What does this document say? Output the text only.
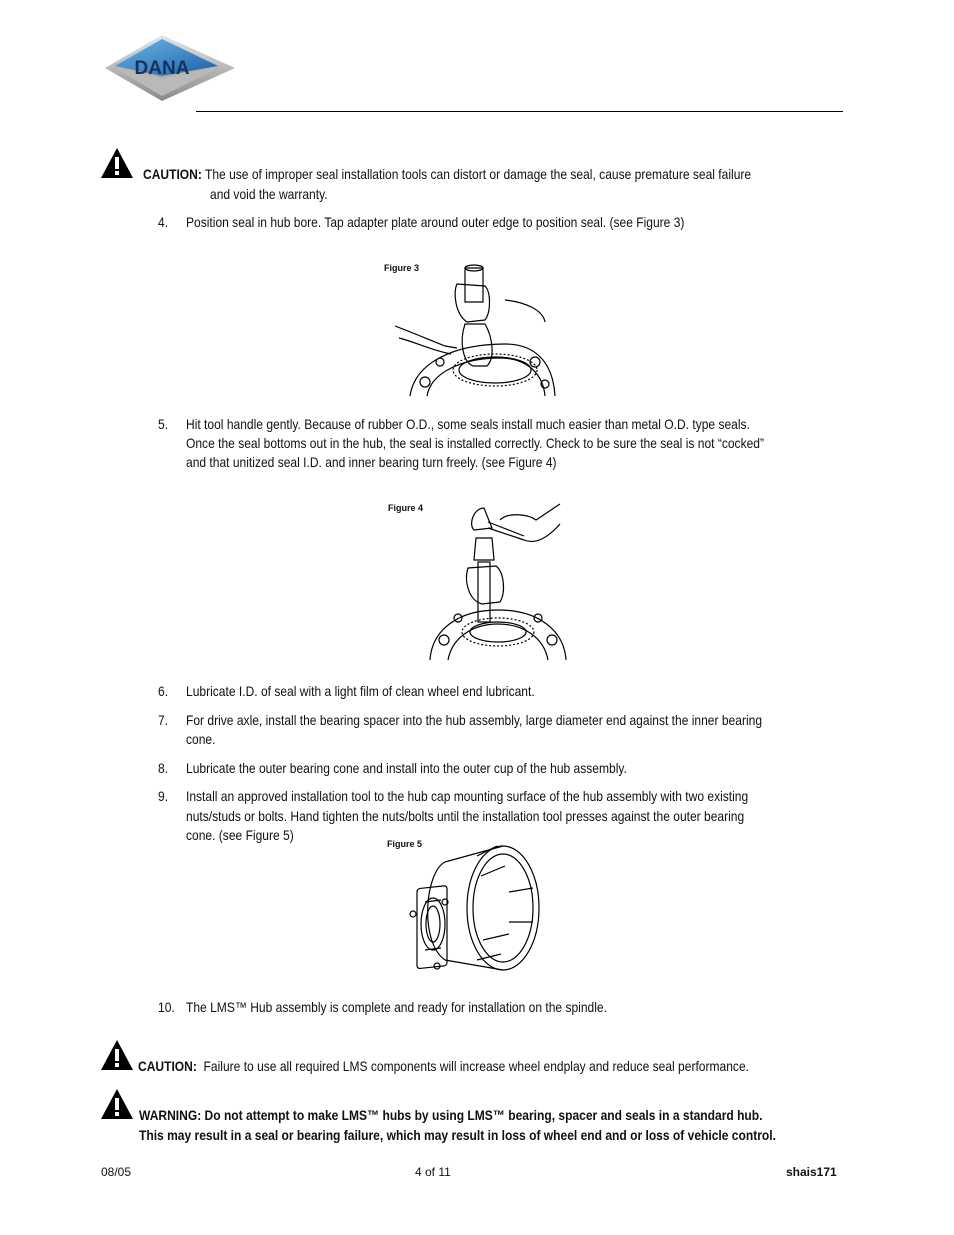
DANA
CAUTION: The use of improper seal installation tools can distort or damage the seal, cause premature seal failure
and void the warranty.
4. Position seal in hub bore. Tap adapter plate around outer edge to position seal. (see Figure 3)
Figure 3
5. Hit tool handle gently. Because of rubber O.D., some seals install much easier than metal O.D. type seals.
Once the seal bottoms out in the hub, the seal is installed correctly. Check to be sure the seal is not “cocked”
and that unitized seal I.D. and inner bearing turn freely. (see Figure 4)
Figure 4
6. Lubricate I.D. of seal with a light film of clean wheel end lubricant.
7. For drive axle, install the bearing spacer into the hub assembly, large diameter end against the inner bearing
cone.
8. Lubricate the outer bearing cone and install into the outer cup of the hub assembly.
9. Install an approved installation tool to the hub cap mounting surface of the hub assembly with two existing
nuts/studs or bolts. Hand tighten the nuts/bolts until the installation tool presses against the outer bearing
cone. (see Figure 5)
Figure 5
10. The LMS™ Hub assembly is complete and ready for installation on the spindle.
CAUTION: Failure to use all required LMS components will increase wheel endplay and reduce seal performance.
WARNING: Do not attempt to make LMS™ hubs by using LMS™ bearing, spacer and seals in a standard hub.
This may result in a seal or bearing failure, which may result in loss of wheel end and or loss of vehicle control.
08/05	4 of 11	shais171
